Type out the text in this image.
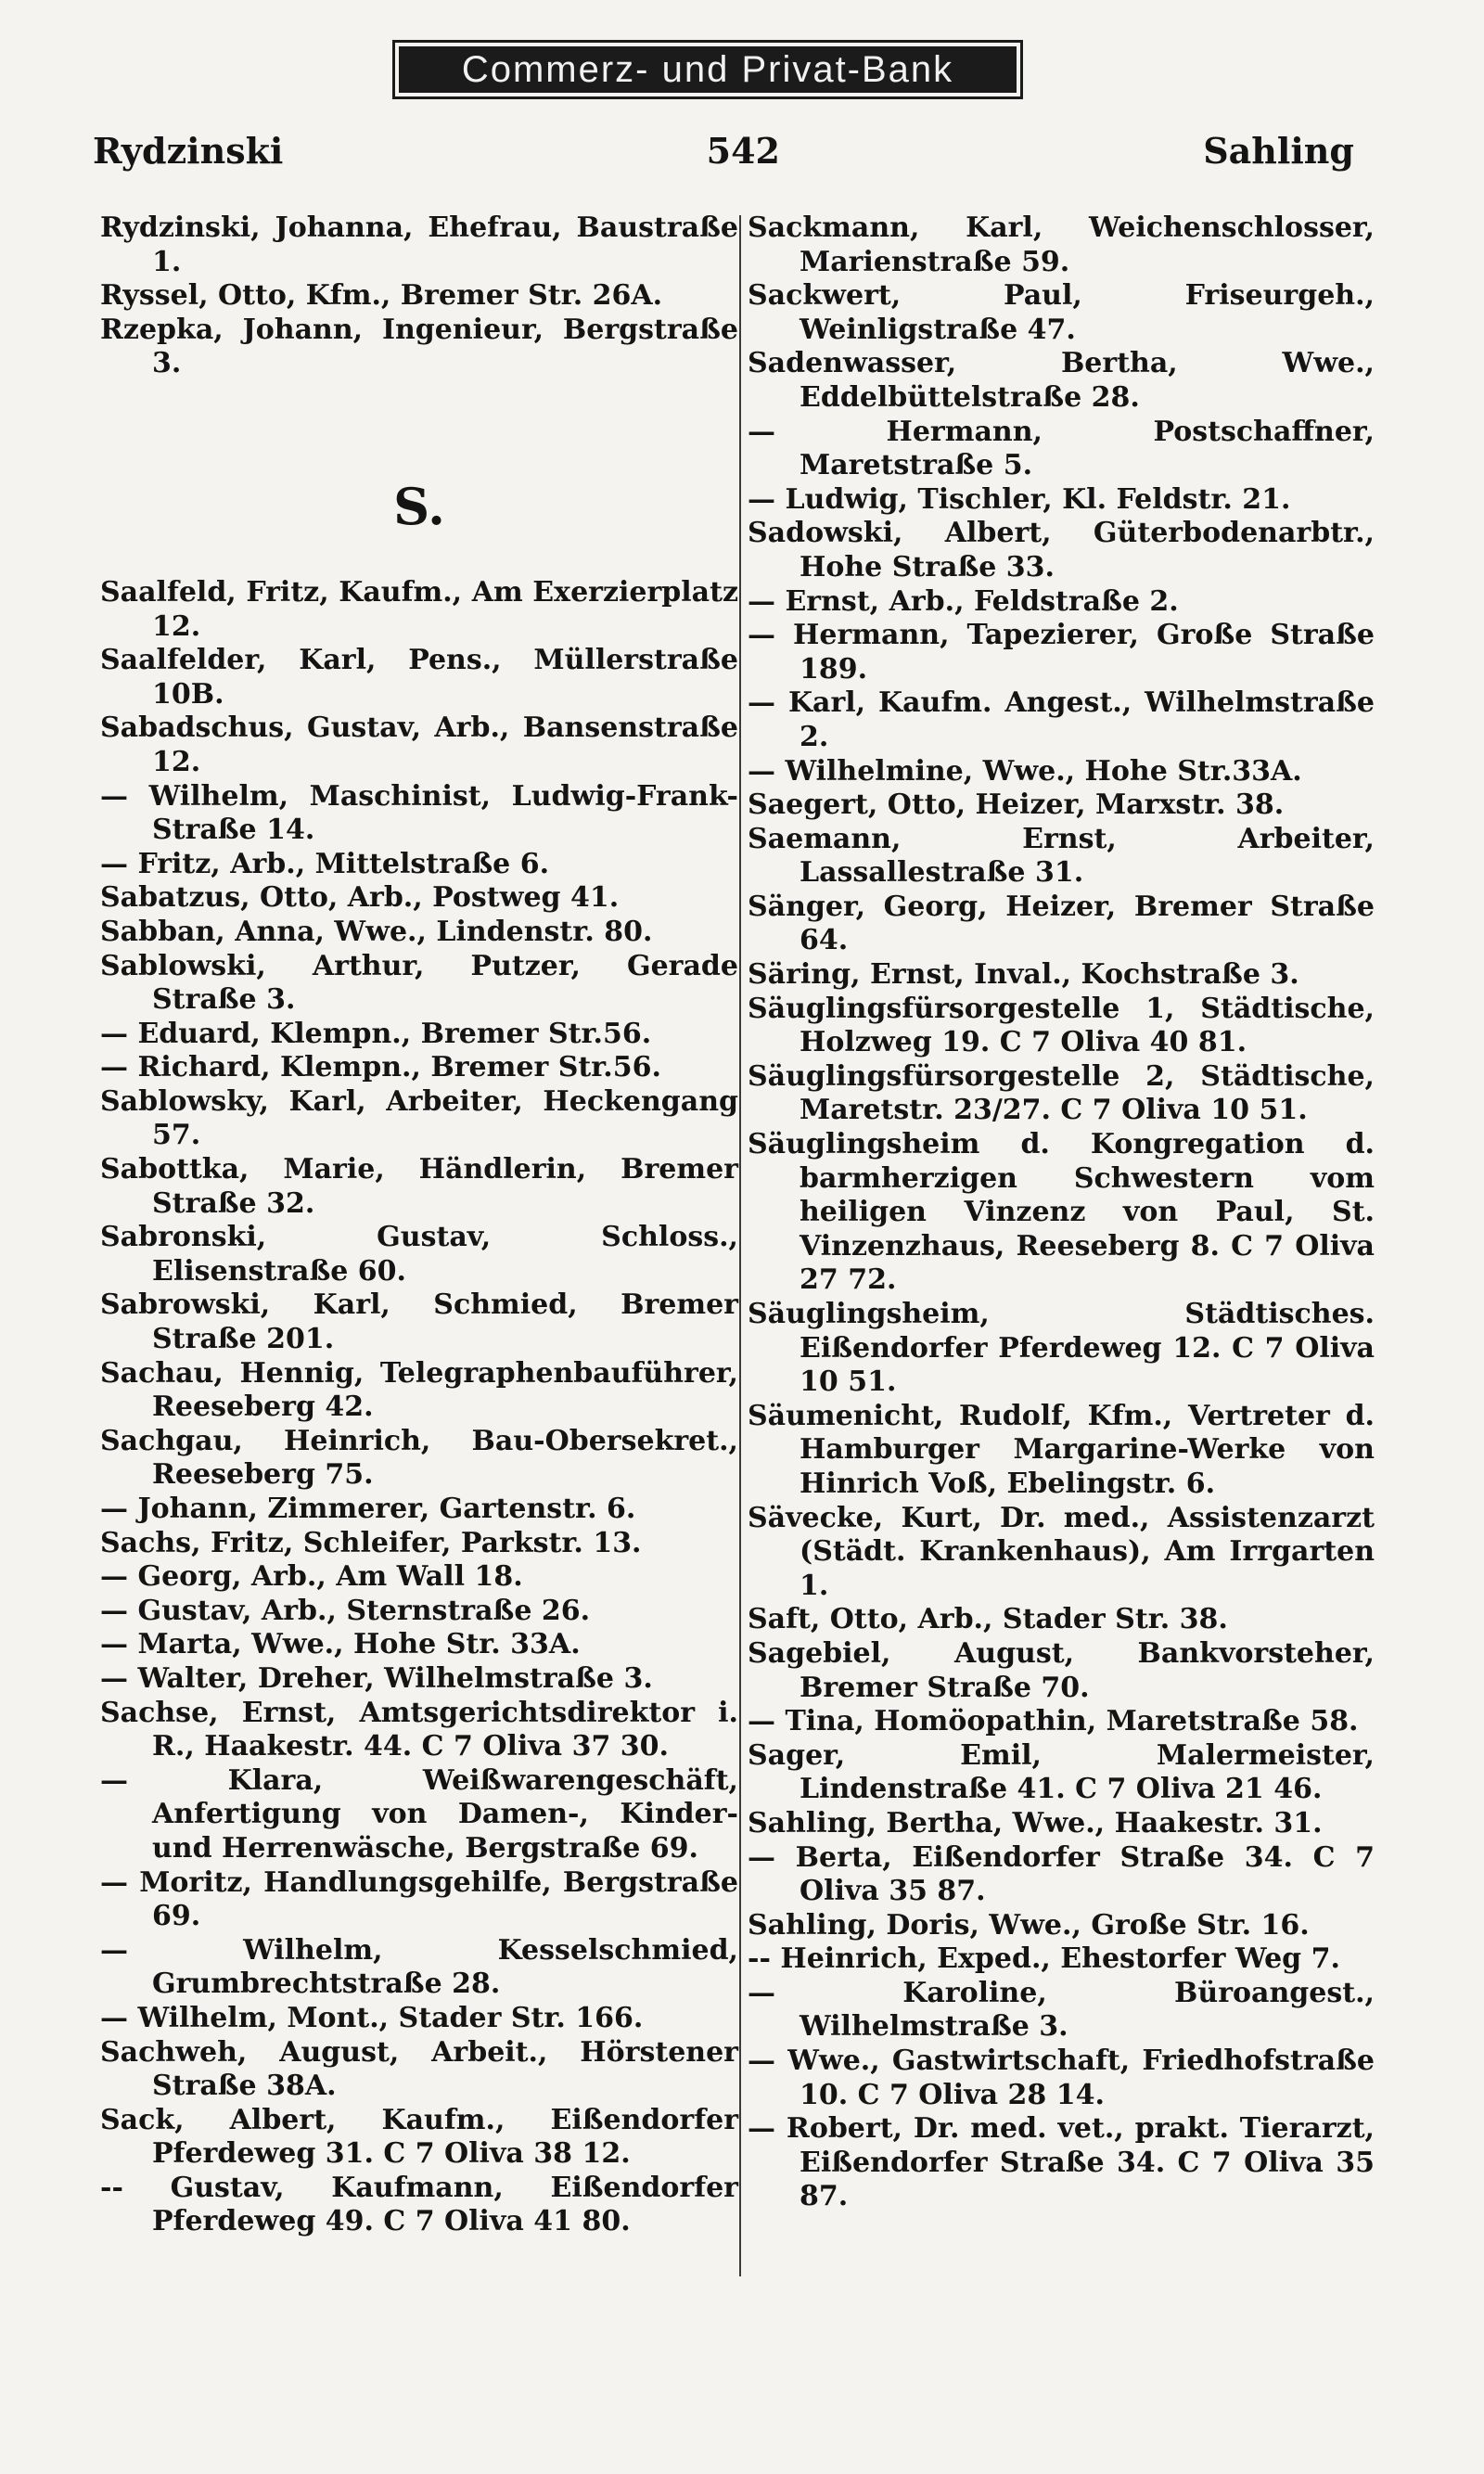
Commerz- und Privat-Bank
Rydzinski	542	Sahling

Rydzinski, Johanna, Ehefrau, Baustraße 1.

Ryssel, Otto, Kfm., Bremer Str. 26A.

Rzepka, Johann, Ingenieur, Bergstraße 3.

S.

Saalfeld, Fritz, Kaufm., Am Exerzierplatz 12.

Saalfelder, Karl, Pens., Müllerstraße 10B.

Sabadschus, Gustav, Arb., Bansenstraße 12.

— Wilhelm, Maschinist, Ludwig-Frank-Straße 14.

— Fritz, Arb., Mittelstraße 6.

Sabatzus, Otto, Arb., Postweg 41.

Sabban, Anna, Wwe., Lindenstr. 80.

Sablowski, Arthur, Putzer, Gerade Straße 3.

— Eduard, Klempn., Bremer Str.56.

— Richard, Klempn., Bremer Str.56.

Sablowsky, Karl, Arbeiter, Heckengang 57.

Sabottka, Marie, Händlerin, Bremer Straße 32.

Sabronski, Gustav, Schloss., Elisenstraße 60.

Sabrowski, Karl, Schmied, Bremer Straße 201.

Sachau, Hennig, Telegraphenbauführer, Reeseberg 42.

Sachgau, Heinrich, Bau-Obersekret., Reeseberg 75.

— Johann, Zimmerer, Gartenstr. 6.

Sachs, Fritz, Schleifer, Parkstr. 13.

— Georg, Arb., Am Wall 18.

— Gustav, Arb., Sternstraße 26.

— Marta, Wwe., Hohe Str. 33A.

— Walter, Dreher, Wilhelmstraße 3.

Sachse, Ernst, Amtsgerichtsdirektor i. R., Haakestr. 44. C 7 Oliva 37 30.

— Klara, Weißwarengeschäft, Anfertigung von Damen-, Kinder- und Herrenwäsche, Bergstraße 69.

— Moritz, Handlungsgehilfe, Bergstraße 69.

— Wilhelm, Kesselschmied, Grumbrechtstraße 28.

— Wilhelm, Mont., Stader Str. 166.

Sachweh, August, Arbeit., Hörstener Straße 38A.

Sack, Albert, Kaufm., Eißendorfer Pferdeweg 31. C 7 Oliva 38 12.

-- Gustav, Kaufmann, Eißendorfer Pferdeweg 49. C 7 Oliva 41 80.

Sackmann, Karl, Weichenschlosser, Marienstraße 59.

Sackwert, Paul, Friseurgeh., Weinligstraße 47.

Sadenwasser, Bertha, Wwe., Eddelbüttelstraße 28.

— Hermann, Postschaffner, Maretstraße 5.

— Ludwig, Tischler, Kl. Feldstr. 21.

Sadowski, Albert, Güterbodenarbtr., Hohe Straße 33.

— Ernst, Arb., Feldstraße 2.

— Hermann, Tapezierer, Große Straße 189.

— Karl, Kaufm. Angest., Wilhelmstraße 2.

— Wilhelmine, Wwe., Hohe Str.33A.

Saegert, Otto, Heizer, Marxstr. 38.

Saemann, Ernst, Arbeiter, Lassallestraße 31.

Sänger, Georg, Heizer, Bremer Straße 64.

Säring, Ernst, Inval., Kochstraße 3.

Säuglingsfürsorgestelle 1, Städtische, Holzweg 19. C 7 Oliva 40 81.

Säuglingsfürsorgestelle 2, Städtische, Maretstr. 23/27. C 7 Oliva 10 51.

Säuglingsheim d. Kongregation d. barmherzigen Schwestern vom heiligen Vinzenz von Paul, St. Vinzenzhaus, Reeseberg 8. C 7 Oliva 27 72.

Säuglingsheim, Städtisches. Eißendorfer Pferdeweg 12. C 7 Oliva 10 51.

Säumenicht, Rudolf, Kfm., Vertreter d. Hamburger Margarine-Werke von Hinrich Voß, Ebelingstr. 6.

Sävecke, Kurt, Dr. med., Assistenzarzt (Städt. Krankenhaus), Am Irrgarten 1.

Saft, Otto, Arb., Stader Str. 38.

Sagebiel, August, Bankvorsteher, Bremer Straße 70.

— Tina, Homöopathin, Maretstraße 58.

Sager, Emil, Malermeister, Lindenstraße 41. C 7 Oliva 21 46.

Sahling, Bertha, Wwe., Haakestr. 31.

— Berta, Eißendorfer Straße 34. C 7 Oliva 35 87.

Sahling, Doris, Wwe., Große Str. 16.

-- Heinrich, Exped., Ehestorfer Weg 7.

— Karoline, Büroangest., Wilhelmstraße 3.

— Wwe., Gastwirtschaft, Friedhofstraße 10. C 7 Oliva 28 14.

— Robert, Dr. med. vet., prakt. Tierarzt, Eißendorfer Straße 34. C 7 Oliva 35 87.
